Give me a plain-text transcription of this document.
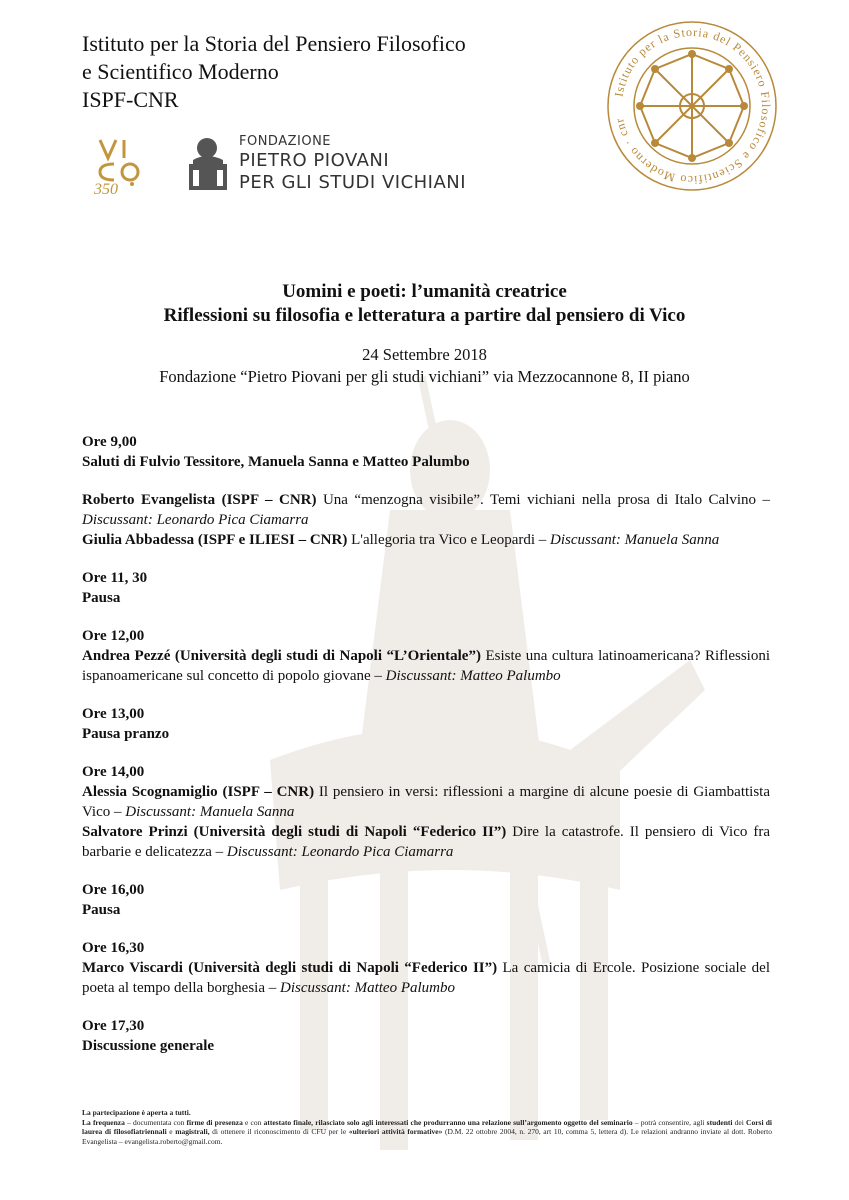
Istituto per la Storia del Pensiero Filosofico
e Scientifico Moderno
ISPF-CNR
350
FONDAZIONE
PIETRO PIOVANI
PER GLI STUDI VICHIANI
Istituto per la Storia del Pensiero Filosofico e Scientifico Moderno · cnr
Uomini e poeti: l’umanità creatrice
Riflessioni su filosofia e letteratura a partire dal pensiero di Vico
24 Settembre 2018
Fondazione “Pietro Piovani per gli studi vichiani” via Mezzocannone 8, II piano
Ore 9,00
Saluti di Fulvio Tessitore, Manuela Sanna e Matteo Palumbo
Roberto Evangelista (ISPF – CNR) Una “menzogna visibile”. Temi vichiani nella prosa di Italo Calvino – Discussant: Leonardo Pica Ciamarra
Giulia Abbadessa (ISPF e ILIESI – CNR) L'allegoria tra Vico e Leopardi – Discussant: Manuela Sanna
Ore 11, 30
Pausa
Ore 12,00
Andrea Pezzé (Università degli studi di Napoli “L’Orientale”) Esiste una cultura latinoamericana? Riflessioni ispanoamericane sul concetto di popolo giovane – Discussant: Matteo Palumbo
Ore 13,00
Pausa pranzo
Ore 14,00
Alessia Scognamiglio (ISPF – CNR) Il pensiero in versi: riflessioni a margine di alcune poesie di Giambattista Vico – Discussant: Manuela Sanna
Salvatore Prinzi (Università degli studi di Napoli “Federico II”) Dire la catastrofe. Il pensiero di Vico fra barbarie e delicatezza – Discussant: Leonardo Pica Ciamarra
Ore 16,00
Pausa
Ore 16,30
Marco Viscardi (Università degli studi di Napoli “Federico II”) La camicia di Ercole. Posizione sociale del poeta al tempo della borghesia – Discussant: Matteo Palumbo
Ore 17,30
Discussione generale
La partecipazione è aperta a tutti.
La frequenza – documentata con firme di presenza e con attestato finale, rilasciato solo agli interessati che produrranno una relazione sull’argomento oggetto del seminario – potrà consentire, agli studenti dei Corsi di laurea di filosofiatriennali e magistrali, di ottenere il riconoscimento di CFU per le «ulteriori attività formative» (D.M. 22 ottobre 2004, n. 270, art 10, comma 5, lettera d). Le relazioni andranno inviate al dott. Roberto Evangelista – evangelista.roberto@gmail.com.
